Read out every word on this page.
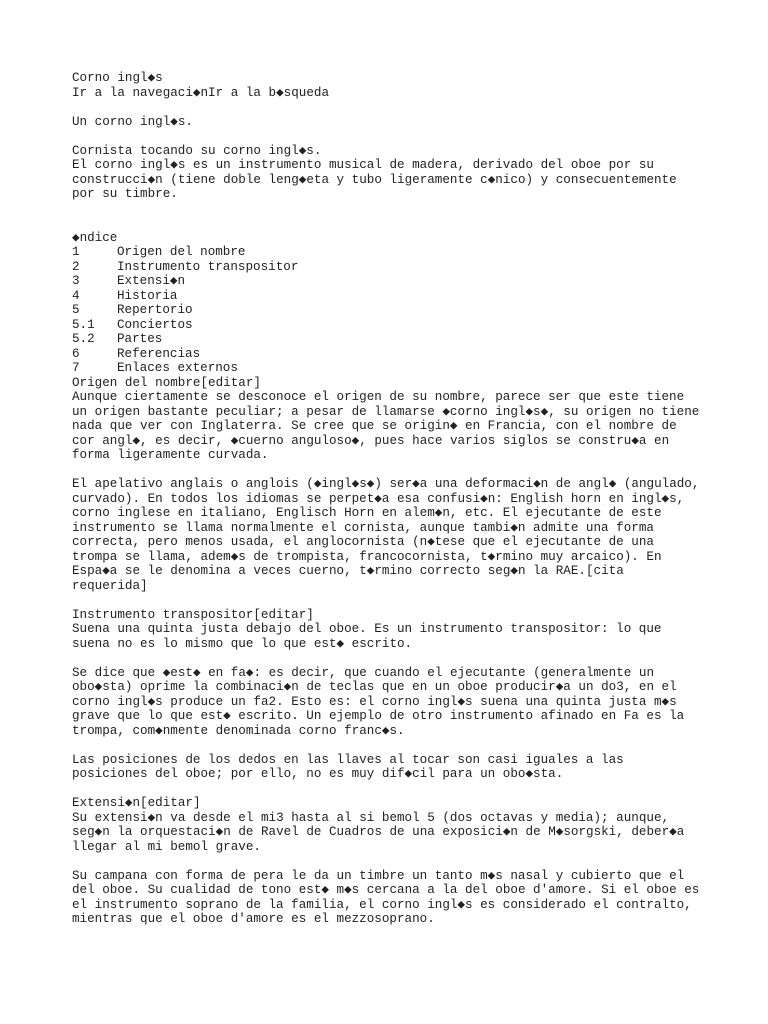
Corno ingl◆s
Ir a la navegaci◆nIr a la b◆squeda
Un corno ingl◆s.
Cornista tocando su corno ingl◆s.
El corno ingl◆s es un instrumento musical de madera, derivado del oboe por su
construcci◆n (tiene doble leng◆eta y tubo ligeramente c◆nico) y consecuentemente
por su timbre.
◆ndice
1	Origen del nombre
2	Instrumento transpositor
3	Extensi◆n
4	Historia
5	Repertorio
5.1 Conciertos
5.2 Partes
6	Referencias
7	Enlaces externos
Origen del nombre[editar]
Aunque ciertamente se desconoce el origen de su nombre, parece ser que este tiene
un origen bastante peculiar; a pesar de llamarse ◆corno ingl◆s◆, su origen no tiene
nada que ver con Inglaterra. Se cree que se origin◆ en Francia, con el nombre de
cor angl◆, es decir, ◆cuerno anguloso◆, pues hace varios siglos se constru◆a en
forma ligeramente curvada.
El apelativo anglais o anglois (◆ingl◆s◆) ser◆a una deformaci◆n de angl◆ (angulado,
curvado). En todos los idiomas se perpet◆a esa confusi◆n: English horn en ingl◆s,
corno inglese en italiano, Englisch Horn en alem◆n, etc. El ejecutante de este
instrumento se llama normalmente el cornista, aunque tambi◆n admite una forma
correcta, pero menos usada, el anglocornista (n◆tese que el ejecutante de una
trompa se llama, adem◆s de trompista, francocornista, t◆rmino muy arcaico). En
Espa◆a se le denomina a veces cuerno, t◆rmino correcto seg◆n la RAE.[cita
requerida]
Instrumento transpositor[editar]
Suena una quinta justa debajo del oboe. Es un instrumento transpositor: lo que
suena no es lo mismo que lo que est◆ escrito.
Se dice que ◆est◆ en fa◆: es decir, que cuando el ejecutante (generalmente un
obo◆sta) oprime la combinaci◆n de teclas que en un oboe producir◆a un do3, en el
corno ingl◆s produce un fa2. Esto es: el corno ingl◆s suena una quinta justa m◆s
grave que lo que est◆ escrito. Un ejemplo de otro instrumento afinado en Fa es la
trompa, com◆nmente denominada corno franc◆s.
Las posiciones de los dedos en las llaves al tocar son casi iguales a las
posiciones del oboe; por ello, no es muy dif◆cil para un obo◆sta.
Extensi◆n[editar]
Su extensi◆n va desde el mi3 hasta al si bemol 5 (dos octavas y media); aunque,
seg◆n la orquestaci◆n de Ravel de Cuadros de una exposici◆n de M◆sorgski, deber◆a
llegar al mi bemol grave.
Su campana con forma de pera le da un timbre un tanto m◆s nasal y cubierto que el
del oboe. Su cualidad de tono est◆ m◆s cercana a la del oboe d'amore. Si el oboe es
el instrumento soprano de la familia, el corno ingl◆s es considerado el contralto,
mientras que el oboe d'amore es el mezzosoprano.
